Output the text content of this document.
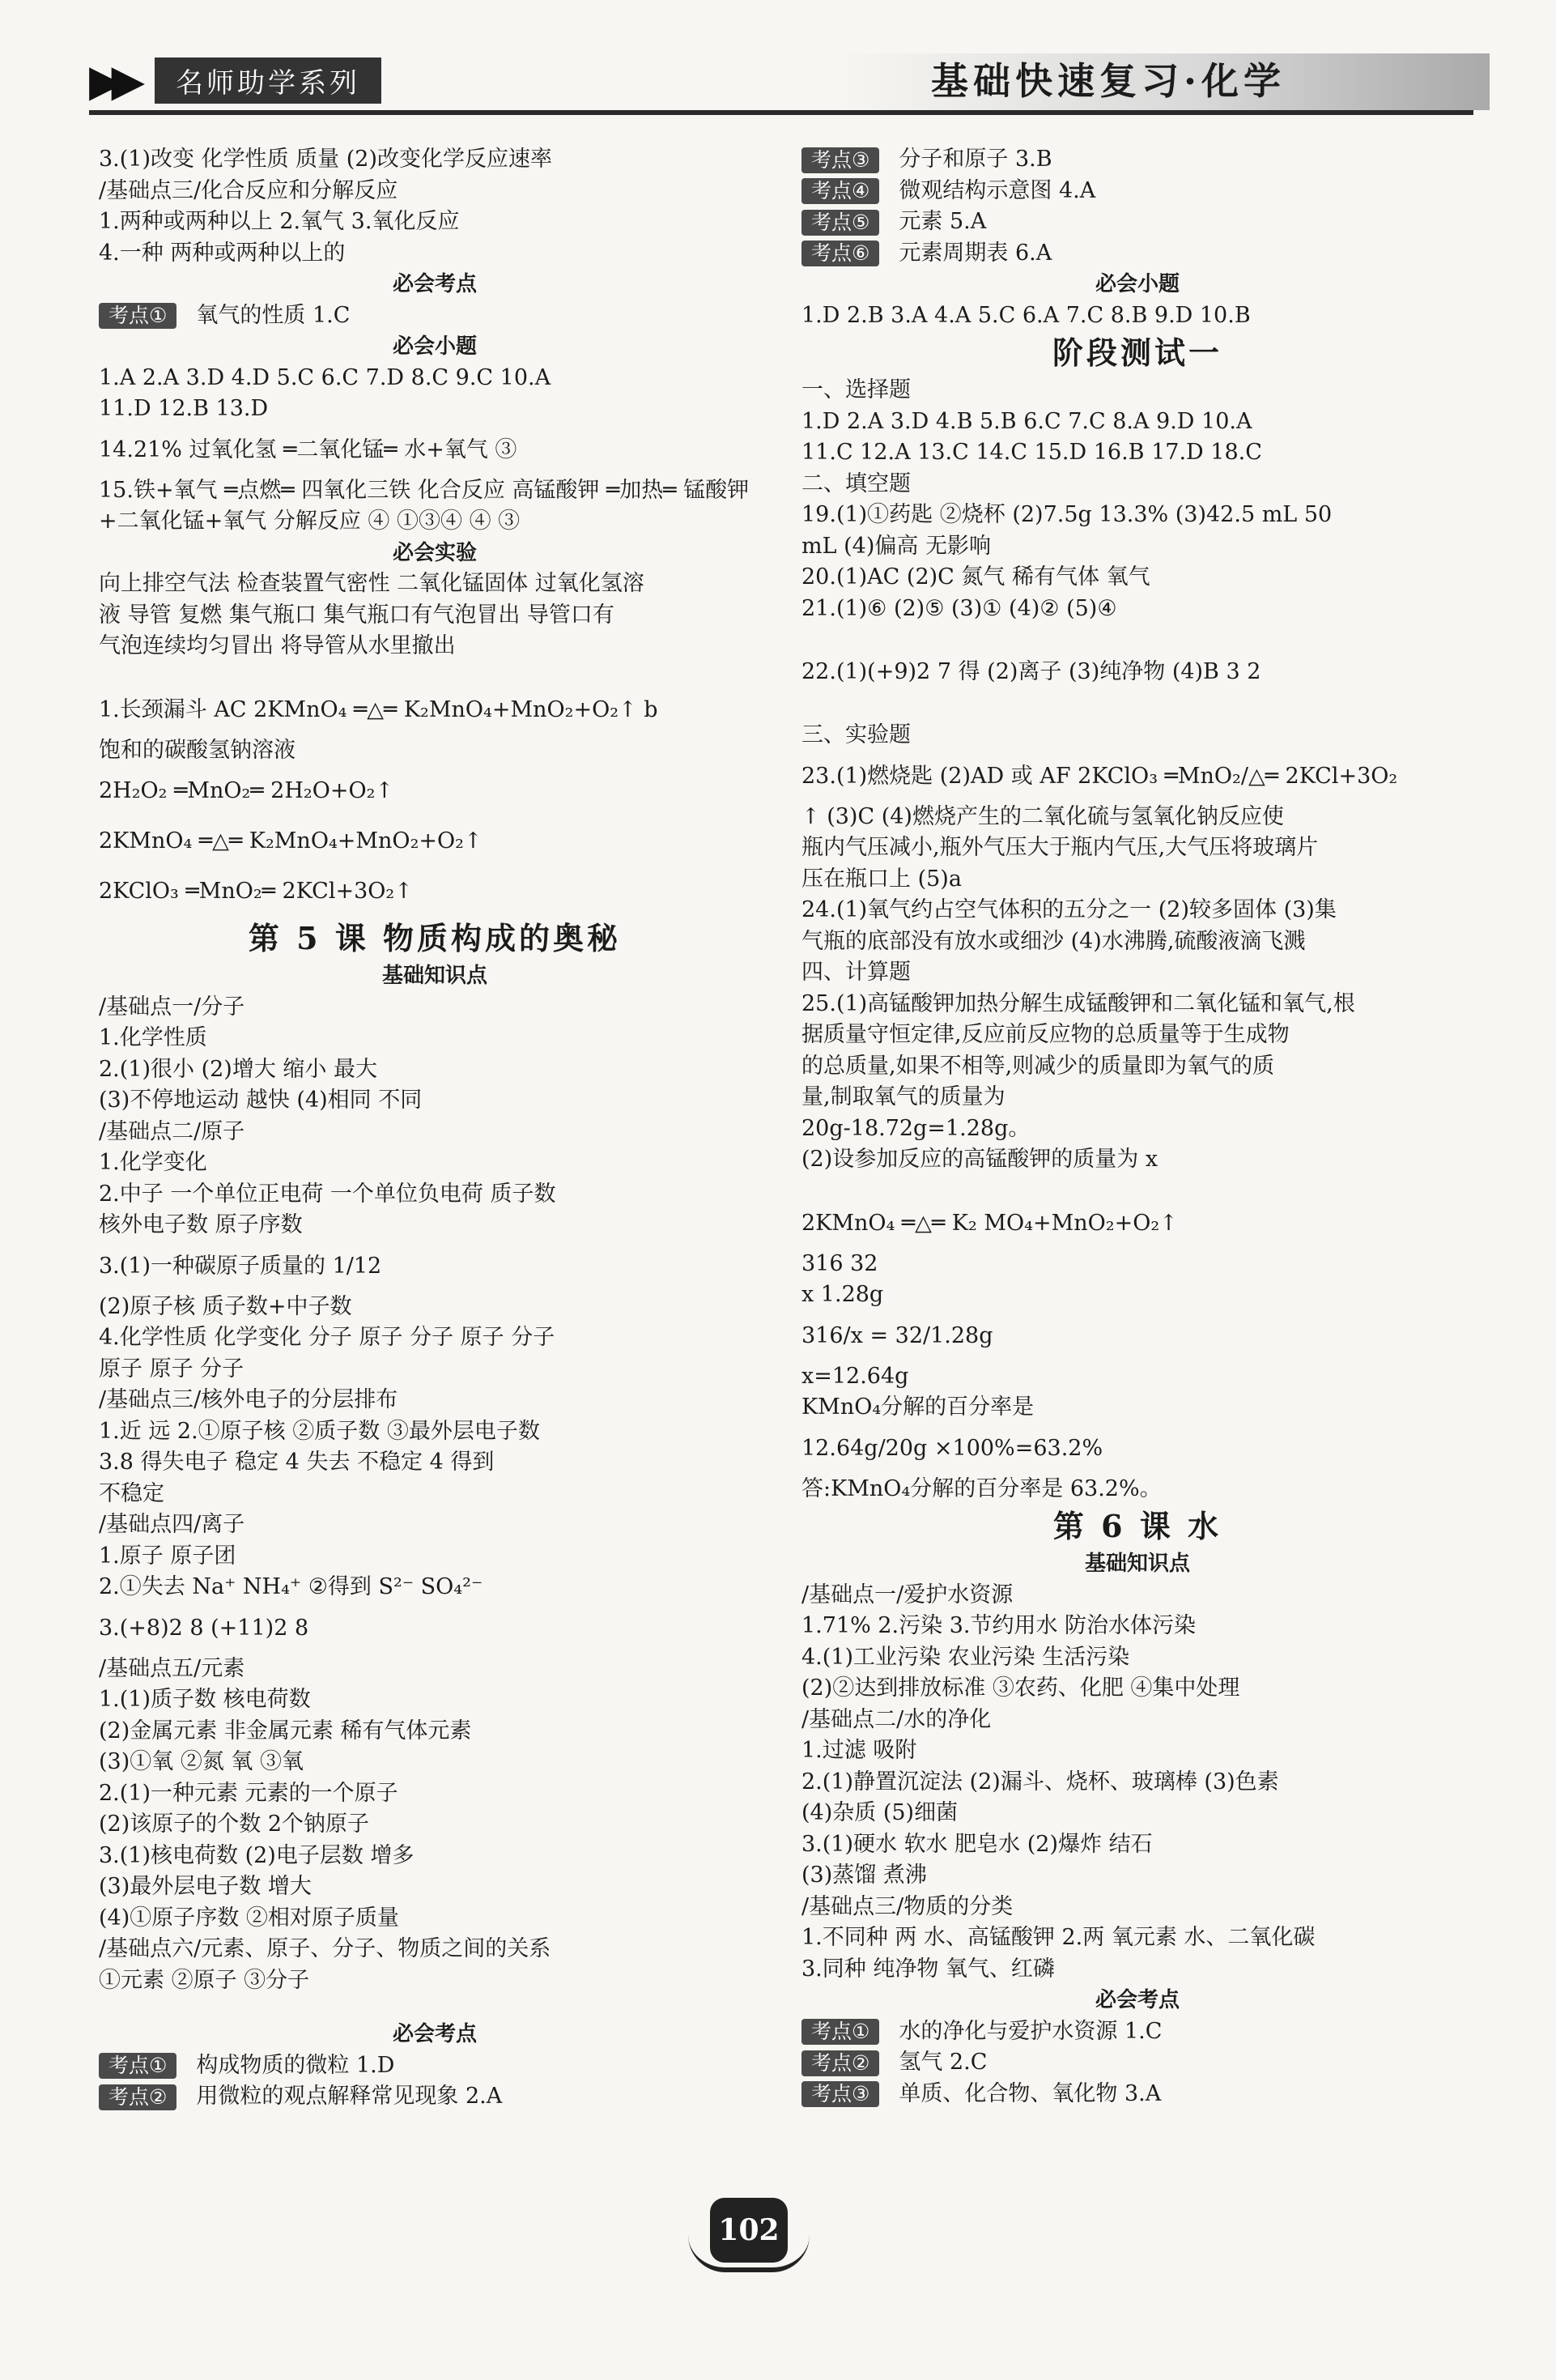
▶▶	名师助学系列	基础快速复习·化学
3.(1)改变 化学性质 质量 (2)改变化学反应速率
/基础点三/化合反应和分解反应
1.两种或两种以上 2.氧气 3.氧化反应
4.一种 两种或两种以上的
必会考点
考点① 氧气的性质 1.C
必会小题
1.A 2.A 3.D 4.D 5.C 6.C 7.D 8.C 9.C 10.A
11.D 12.B 13.D
14.21% 过氧化氢 ═二氧化锰═ 水+氧气 ③
15.铁+氧气 ═点燃═ 四氧化三铁 化合反应 高锰酸钾 ═加热═ 锰酸钾
+二氧化锰+氧气 分解反应 ④ ①③④ ④ ③
必会实验
向上排空气法 检查装置气密性 二氧化锰固体 过氧化氢溶
液 导管 复燃 集气瓶口 集气瓶口有气泡冒出 导管口有
气泡连续均匀冒出 将导管从水里撤出
1.长颈漏斗 AC 2KMnO₄ ═△═ K₂MnO₄+MnO₂+O₂↑ b
饱和的碳酸氢钠溶液
2H₂O₂ ═MnO₂═ 2H₂O+O₂↑
2KMnO₄ ═△═ K₂MnO₄+MnO₂+O₂↑
2KClO₃ ═MnO₂═ 2KCl+3O₂↑
第 5 课 物质构成的奥秘
基础知识点
/基础点一/分子
1.化学性质
2.(1)很小 (2)增大 缩小 最大
(3)不停地运动 越快 (4)相同 不同
/基础点二/原子
1.化学变化
2.中子 一个单位正电荷 一个单位负电荷 质子数
核外电子数 原子序数
3.(1)一种碳原子质量的 1/12
(2)原子核 质子数+中子数
4.化学性质 化学变化 分子 原子 分子 原子 分子
原子 原子 分子
/基础点三/核外电子的分层排布
1.近 远 2.①原子核 ②质子数 ③最外层电子数
3.8 得失电子 稳定 4 失去 不稳定 4 得到
不稳定
/基础点四/离子
1.原子 原子团
2.①失去 Na⁺ NH₄⁺ ②得到 S²⁻ SO₄²⁻
3.(+8)2 8 (+11)2 8
/基础点五/元素
1.(1)质子数 核电荷数
(2)金属元素 非金属元素 稀有气体元素
(3)①氧 ②氮 氧 ③氧
2.(1)一种元素 元素的一个原子
(2)该原子的个数 2个钠原子
3.(1)核电荷数 (2)电子层数 增多
(3)最外层电子数 增大
(4)①原子序数 ②相对原子质量
/基础点六/元素、原子、分子、物质之间的关系
①元素 ②原子 ③分子
必会考点
考点① 构成物质的微粒 1.D
考点② 用微粒的观点解释常见现象 2.A
考点③ 分子和原子 3.B
考点④ 微观结构示意图 4.A
考点⑤ 元素 5.A
考点⑥ 元素周期表 6.A
必会小题
1.D 2.B 3.A 4.A 5.C 6.A 7.C 8.B 9.D 10.B
阶段测试一
一、选择题
1.D 2.A 3.D 4.B 5.B 6.C 7.C 8.A 9.D 10.A
11.C 12.A 13.C 14.C 15.D 16.B 17.D 18.C
二、填空题
19.(1)①药匙 ②烧杯 (2)7.5g 13.3% (3)42.5 mL 50
mL (4)偏高 无影响
20.(1)AC (2)C 氮气 稀有气体 氧气
21.(1)⑥ (2)⑤ (3)① (4)② (5)④
22.(1)(+9)2 7 得 (2)离子 (3)纯净物 (4)B 3 2
三、实验题
23.(1)燃烧匙 (2)AD 或 AF 2KClO₃ ═MnO₂/△═ 2KCl+3O₂
↑ (3)C (4)燃烧产生的二氧化硫与氢氧化钠反应使
瓶内气压减小,瓶外气压大于瓶内气压,大气压将玻璃片
压在瓶口上 (5)a
24.(1)氧气约占空气体积的五分之一 (2)较多固体 (3)集
气瓶的底部没有放水或细沙 (4)水沸腾,硫酸液滴飞溅
四、计算题
25.(1)高锰酸钾加热分解生成锰酸钾和二氧化锰和氧气,根
据质量守恒定律,反应前反应物的总质量等于生成物
的总质量,如果不相等,则减少的质量即为氧气的质
量,制取氧气的质量为
20g-18.72g=1.28g。
(2)设参加反应的高锰酸钾的质量为 x
2KMnO₄ ═△═ K₂ MO₄+MnO₂+O₂↑
316 32
x 1.28g
316/x = 32/1.28g
x=12.64g
KMnO₄分解的百分率是
12.64g/20g ×100%=63.2%
答:KMnO₄分解的百分率是 63.2%。
第 6 课 水
基础知识点
/基础点一/爱护水资源
1.71% 2.污染 3.节约用水 防治水体污染
4.(1)工业污染 农业污染 生活污染
(2)②达到排放标准 ③农药、化肥 ④集中处理
/基础点二/水的净化
1.过滤 吸附
2.(1)静置沉淀法 (2)漏斗、烧杯、玻璃棒 (3)色素
(4)杂质 (5)细菌
3.(1)硬水 软水 肥皂水 (2)爆炸 结石
(3)蒸馏 煮沸
/基础点三/物质的分类
1.不同种 两 水、高锰酸钾 2.两 氧元素 水、二氧化碳
3.同种 纯净物 氧气、红磷
必会考点
考点① 水的净化与爱护水资源 1.C
考点② 氢气 2.C
考点③ 单质、化合物、氧化物 3.A
102
